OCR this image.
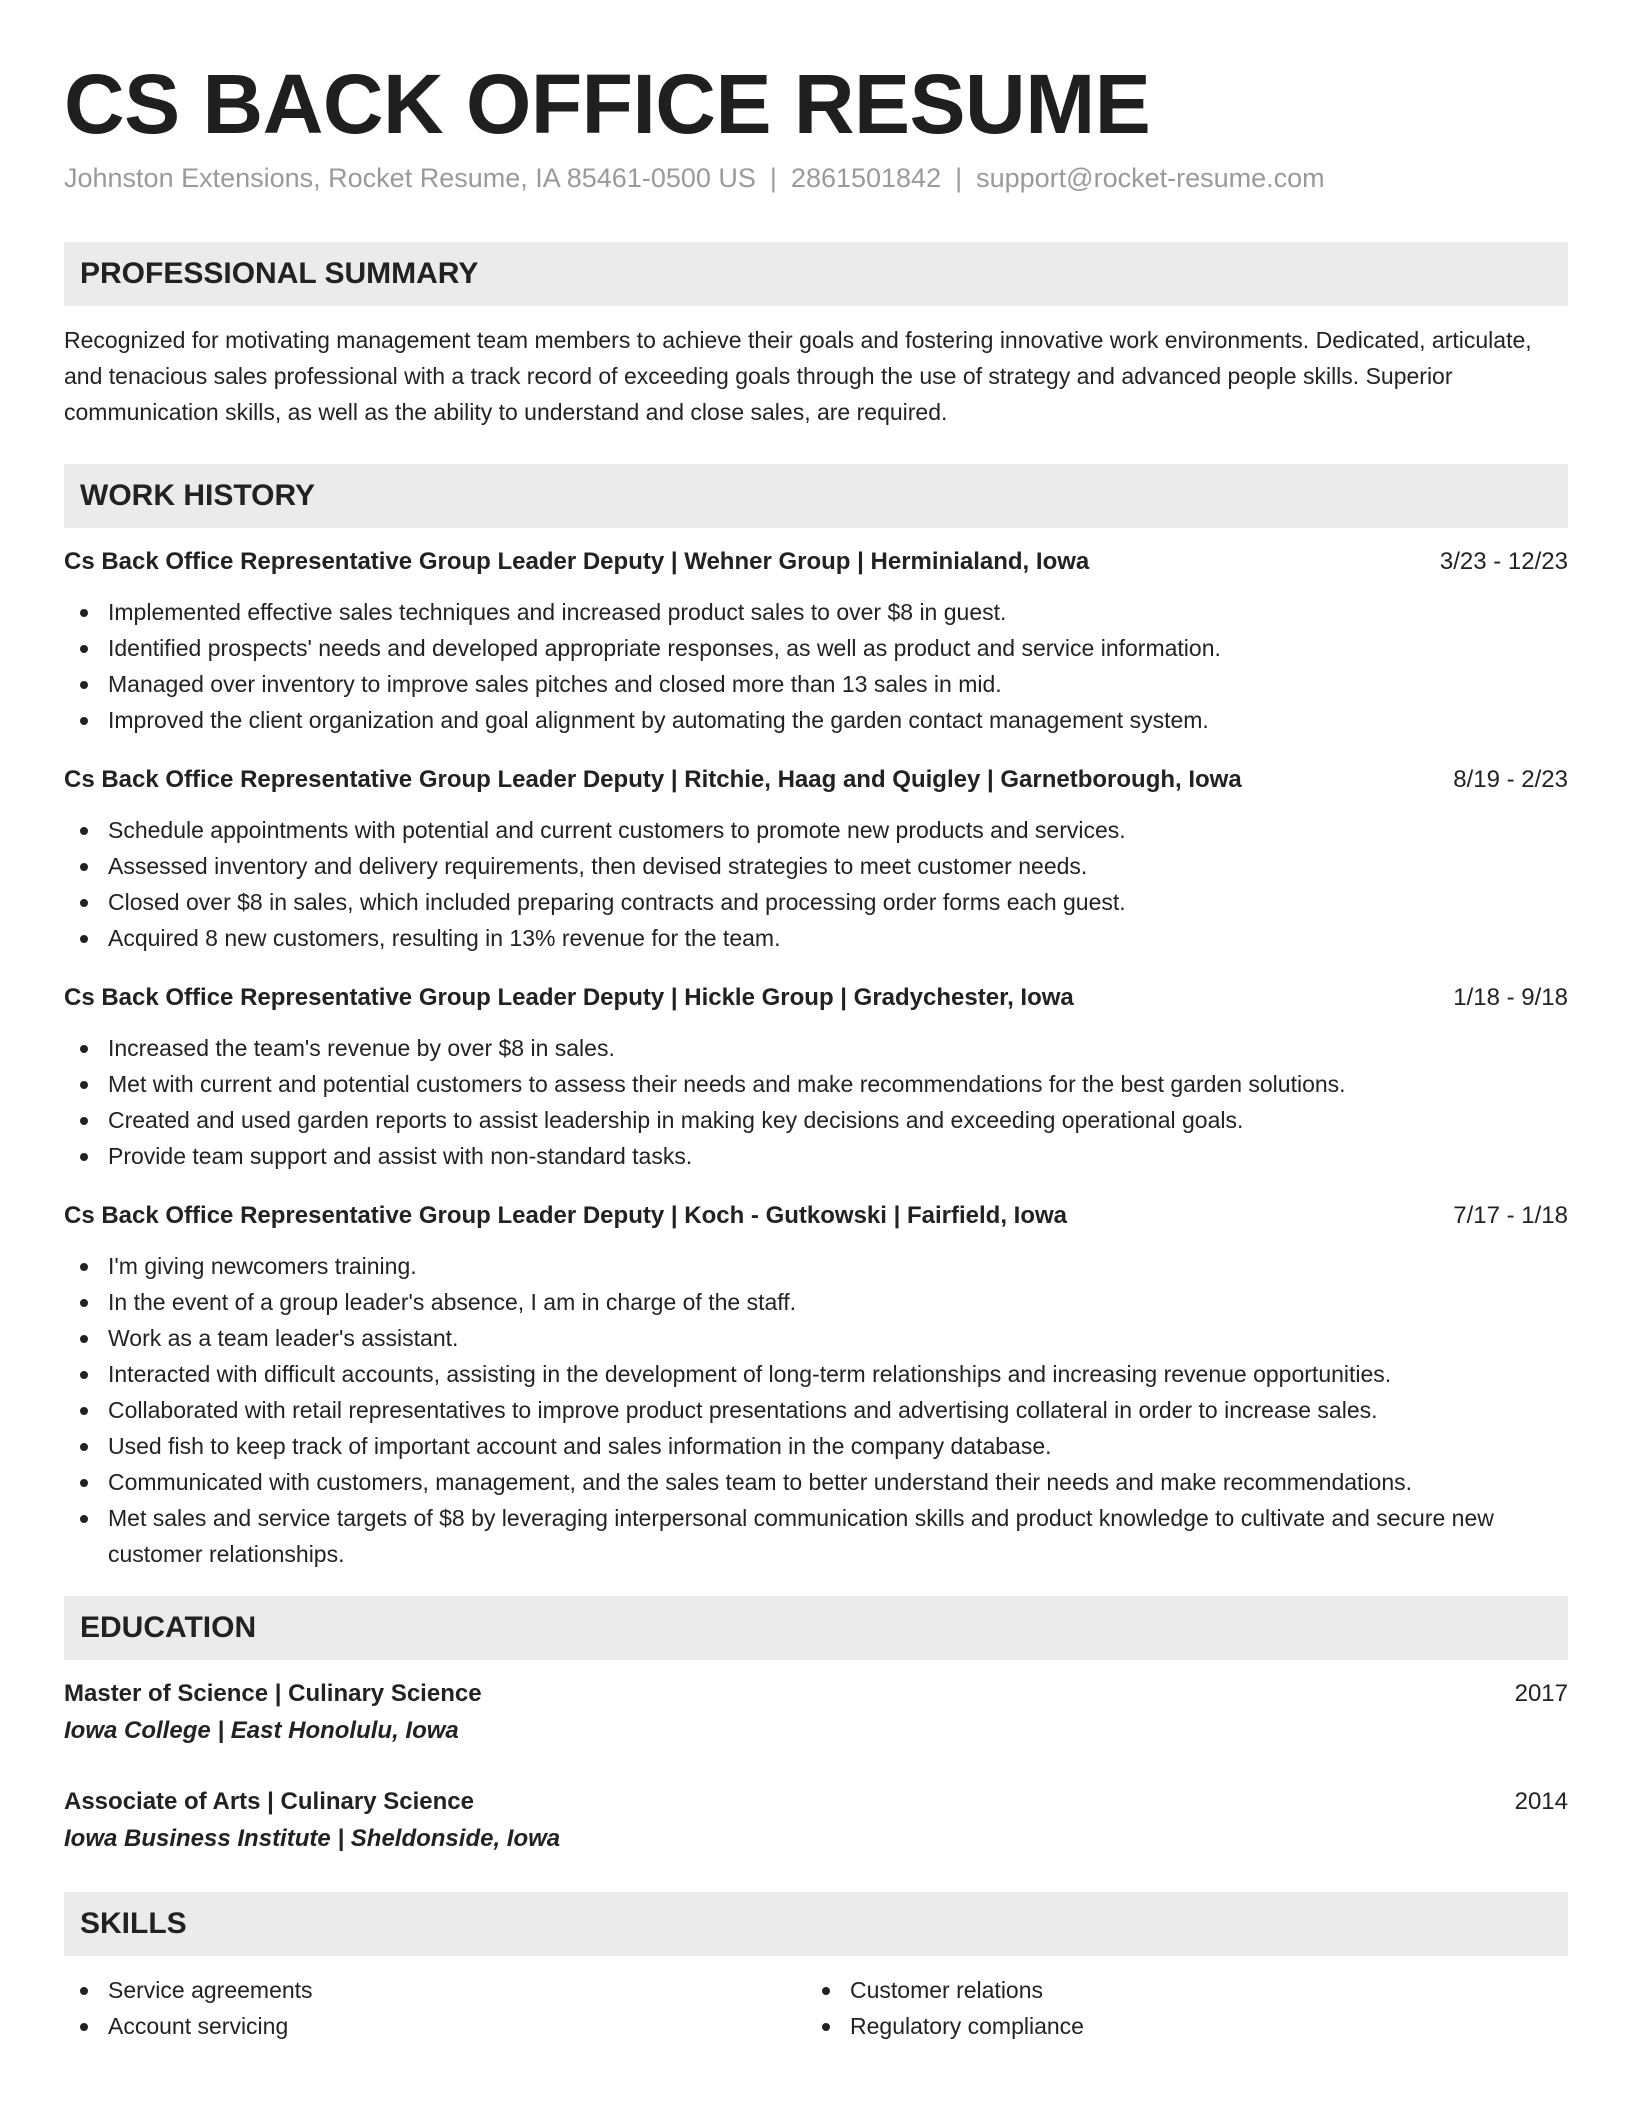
CS BACK OFFICE RESUME
Johnston Extensions, Rocket Resume, IA 85461-0500 US | 2861501842 | support@rocket-resume.com
PROFESSIONAL SUMMARY

Recognized for motivating management team members to achieve their goals and fostering innovative work environments. Dedicated, articulate, and tenacious sales professional with a track record of exceeding goals through the use of strategy and advanced people skills. Superior communication skills, as well as the ability to understand and close sales, are required.

WORK HISTORY
Cs Back Office Representative Group Leader Deputy | Wehner Group | Herminialand, Iowa	3/23 - 12/23
Implemented effective sales techniques and increased product sales to over $8 in guest.
Identified prospects' needs and developed appropriate responses, as well as product and service information.
Managed over inventory to improve sales pitches and closed more than 13 sales in mid.
Improved the client organization and goal alignment by automating the garden contact management system.
Cs Back Office Representative Group Leader Deputy | Ritchie, Haag and Quigley | Garnetborough, Iowa	8/19 - 2/23
Schedule appointments with potential and current customers to promote new products and services.
Assessed inventory and delivery requirements, then devised strategies to meet customer needs.
Closed over $8 in sales, which included preparing contracts and processing order forms each guest.
Acquired 8 new customers, resulting in 13% revenue for the team.
Cs Back Office Representative Group Leader Deputy | Hickle Group | Gradychester, Iowa	1/18 - 9/18
Increased the team's revenue by over $8 in sales.
Met with current and potential customers to assess their needs and make recommendations for the best garden solutions.
Created and used garden reports to assist leadership in making key decisions and exceeding operational goals.
Provide team support and assist with non-standard tasks.
Cs Back Office Representative Group Leader Deputy | Koch - Gutkowski | Fairfield, Iowa	7/17 - 1/18
I'm giving newcomers training.
In the event of a group leader's absence, I am in charge of the staff.
Work as a team leader's assistant.
Interacted with difficult accounts, assisting in the development of long-term relationships and increasing revenue opportunities.
Collaborated with retail representatives to improve product presentations and advertising collateral in order to increase sales.
Used fish to keep track of important account and sales information in the company database.
Communicated with customers, management, and the sales team to better understand their needs and make recommendations.
Met sales and service targets of $8 by leveraging interpersonal communication skills and product knowledge to cultivate and secure new customer relationships.
EDUCATION
Master of Science | Culinary Science	2017
Iowa College | East Honolulu, Iowa
Associate of Arts | Culinary Science	2014
Iowa Business Institute | Sheldonside, Iowa
SKILLS
Service agreements
Account servicing
Customer relations
Regulatory compliance
